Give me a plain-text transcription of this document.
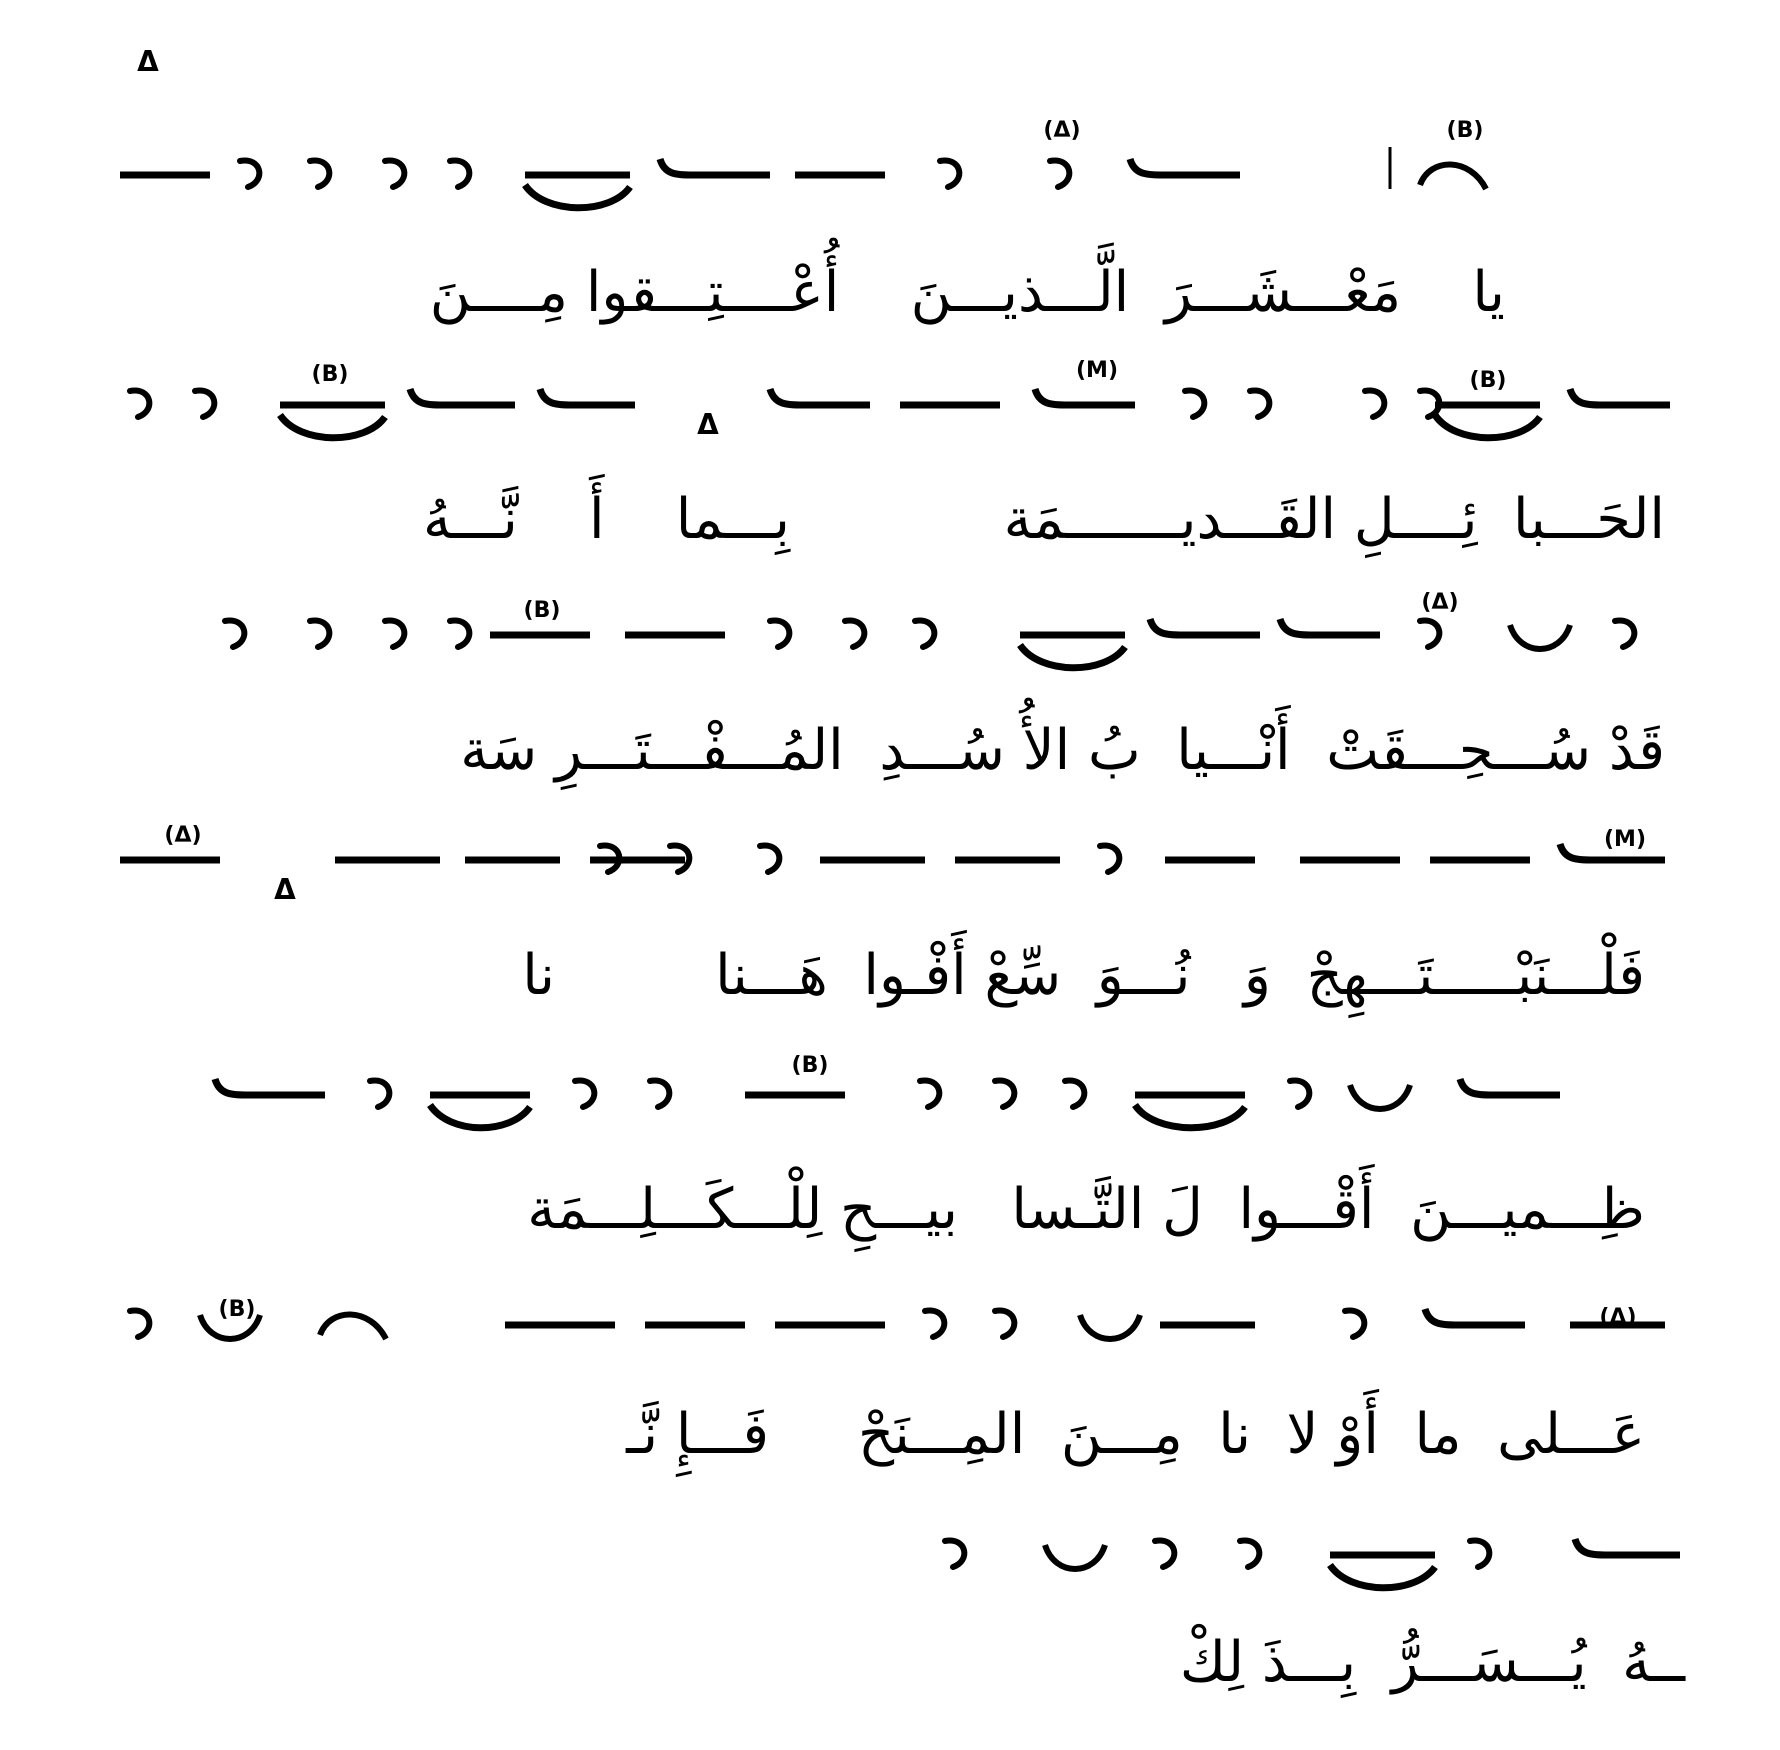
يا    مَعْـــشَـــرَ  الَّـــذيـــنَ    أُعْــــتِـــقوا مِــــنَ
الحَـــبا  ئِــــلِ القَـــديـــــــمَة            بِـــما    أَ    نَّـــهُ
قَدْ سُـــحِـــقَتْ  أَنْـــيا  بُ الأُ سُـــدِ  المُـــفْـــتَـــرِ سَة
فَلْـــنَبْـــــتَـــهِجْ  وَ   نُـــوَ  سِّعْ أَفْـوا  هَـــنا         نا
ظِـــميـــنَ  أَقْـــوا  لَ التَّـسا   بيـــحِ لِلْـــكَـــلِـــمَة
عَـــلى  ما  أَوْ لا  نا  مِـــنَ  المِـــنَحْ     فَـــإِ نَّـ
ــهُ  يُـــسَـــرُّ  بِـــذَ لِكْ
(B)
(Δ)
(B)	(M)	(B)
(B)	(Δ)
(Δ)	(M)
(B)
(B)	(Δ)
Δ
Δ
Δ
